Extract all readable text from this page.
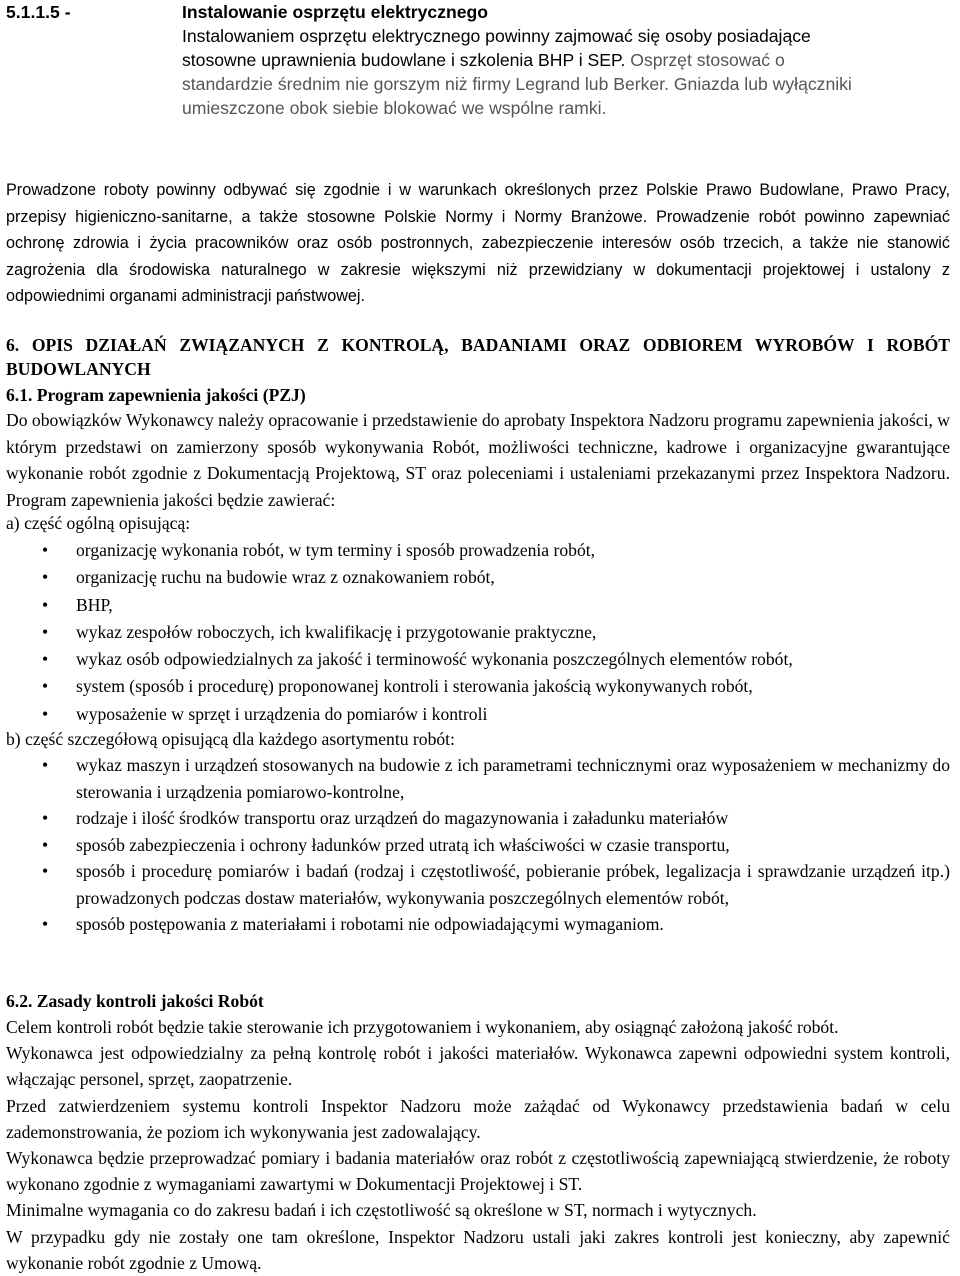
5.1.1.5 -	Instalowanie osprzętu elektrycznego
Instalowaniem osprzętu elektrycznego powinny zajmować się osoby posiadające
stosowne uprawnienia budowlane i szkolenia BHP i SEP. Osprzęt stosować o
standardzie średnim nie gorszym niż firmy Legrand lub Berker. Gniazda lub wyłączniki
umieszczone obok siebie blokować we wspólne ramki.
Prowadzone roboty powinny odbywać się zgodnie i w warunkach określonych przez Polskie Prawo Budowlane, Prawo Pracy, przepisy higieniczno-sanitarne, a także stosowne Polskie Normy i Normy Branżowe. Prowadzenie robót powinno zapewniać ochronę zdrowia i życia pracowników oraz osób postronnych, zabezpieczenie interesów osób trzecich, a także nie stanowić zagrożenia dla środowiska naturalnego w zakresie większymi niż przewidziany w dokumentacji projektowej i ustalony z odpowiednimi organami administracji państwowej.
6. OPIS DZIAŁAŃ ZWIĄZANYCH Z KONTROLĄ, BADANIAMI ORAZ ODBIOREM WYROBÓW I ROBÓT BUDOWLANYCH
6.1. Program zapewnienia jakości (PZJ)
Do obowiązków Wykonawcy należy opracowanie i przedstawienie do aprobaty Inspektora Nadzoru programu zapewnienia jakości, w którym przedstawi on zamierzony sposób wykonywania Robót, możliwości techniczne, kadrowe i organizacyjne gwarantujące wykonanie robót zgodnie z Dokumentacją Projektową, ST oraz poleceniami i ustaleniami przekazanymi przez Inspektora Nadzoru. Program zapewnienia jakości będzie zawierać:
a) część ogólną opisującą:
• organizację wykonania robót, w tym terminy i sposób prowadzenia robót,
• organizację ruchu na budowie wraz z oznakowaniem robót,
• BHP,
• wykaz zespołów roboczych, ich kwalifikację i przygotowanie praktyczne,
• wykaz osób odpowiedzialnych za jakość i terminowość wykonania poszczególnych elementów robót,
• system (sposób i procedurę) proponowanej kontroli i sterowania jakością wykonywanych robót,
• wyposażenie w sprzęt i urządzenia do pomiarów i kontroli
b) część szczegółową opisującą dla każdego asortymentu robót:
• wykaz maszyn i urządzeń stosowanych na budowie z ich parametrami technicznymi oraz wyposażeniem w mechanizmy do sterowania i urządzenia pomiarowo-kontrolne,
• rodzaje i ilość środków transportu oraz urządzeń do magazynowania i załadunku materiałów
• sposób zabezpieczenia i ochrony ładunków przed utratą ich właściwości w czasie transportu,
• sposób i procedurę pomiarów i badań (rodzaj i częstotliwość, pobieranie próbek, legalizacja i sprawdzanie urządzeń itp.) prowadzonych podczas dostaw materiałów, wykonywania poszczególnych elementów robót,
• sposób postępowania z materiałami i robotami nie odpowiadającymi wymaganiom.
6.2. Zasady kontroli jakości Robót
Celem kontroli robót będzie takie sterowanie ich przygotowaniem i wykonaniem, aby osiągnąć założoną jakość robót.
Wykonawca jest odpowiedzialny za pełną kontrolę robót i jakości materiałów. Wykonawca zapewni odpowiedni system kontroli, włączając personel, sprzęt, zaopatrzenie.
Przed zatwierdzeniem systemu kontroli Inspektor Nadzoru może zażądać od Wykonawcy przedstawienia badań w celu zademonstrowania, że poziom ich wykonywania jest zadowalający.
Wykonawca będzie przeprowadzać pomiary i badania materiałów oraz robót z częstotliwością zapewniającą stwierdzenie, że roboty wykonano zgodnie z wymaganiami zawartymi w Dokumentacji Projektowej i ST.
Minimalne wymagania co do zakresu badań i ich częstotliwość są określone w ST, normach i wytycznych.
W przypadku gdy nie zostały one tam określone, Inspektor Nadzoru ustali jaki zakres kontroli jest konieczny, aby zapewnić wykonanie robót zgodnie z Umową.
